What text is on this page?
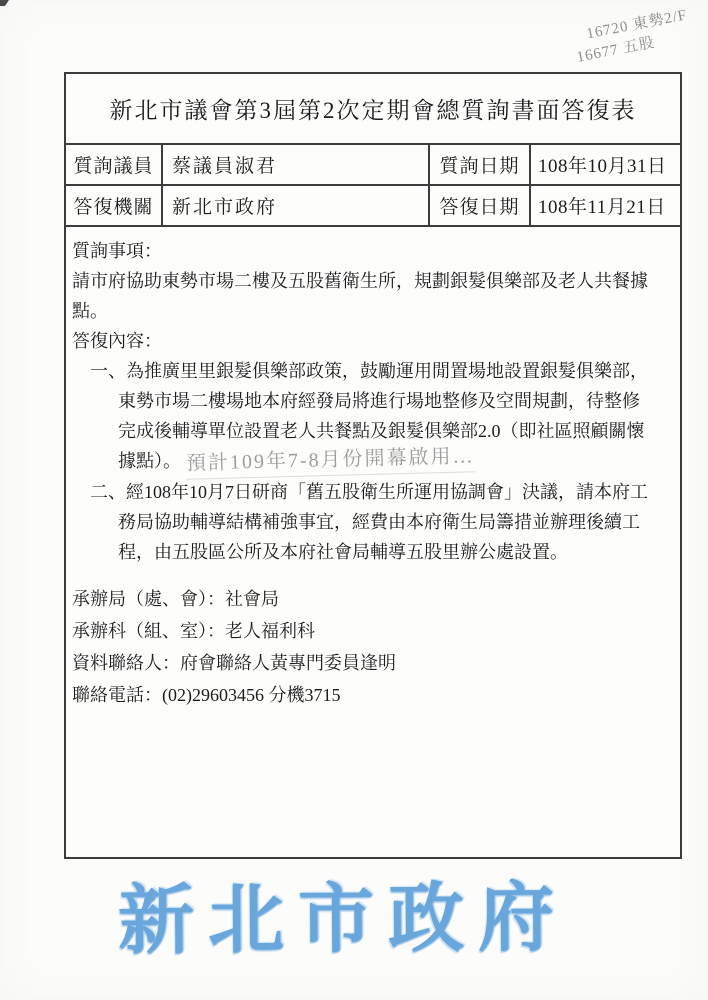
16720 東勢2/F
16677 五股
新北市議會第3屆第2次定期會總質詢書面答復表
質詢議員 蔡議員淑君	質詢日期 108年10月31日
答復機關 新北市政府	答復日期 108年11月21日
質詢事項：
請市府協助東勢市場二樓及五股舊衛生所，規劃銀髮俱樂部及老人共餐據
點。
答復內容：
一、為推廣里里銀髮俱樂部政策，鼓勵運用閒置場地設置銀髮俱樂部，
東勢市場二樓場地本府經發局將進行場地整修及空間規劃，待整修
完成後輔導單位設置老人共餐點及銀髮俱樂部2.0（即社區照顧關懷
據點）。 預計109年7-8月份開幕啟用…
二、經108年10月7日研商「舊五股衛生所運用協調會」決議，請本府工
務局協助輔導結構補強事宜，經費由本府衛生局籌措並辦理後續工
程，由五股區公所及本府社會局輔導五股里辦公處設置。
承辦局（處、會）：社會局
承辦科（組、室）：老人福利科
資料聯絡人：府會聯絡人黃專門委員逢明
聯絡電話：(02)29603456 分機3715
新北市政府
